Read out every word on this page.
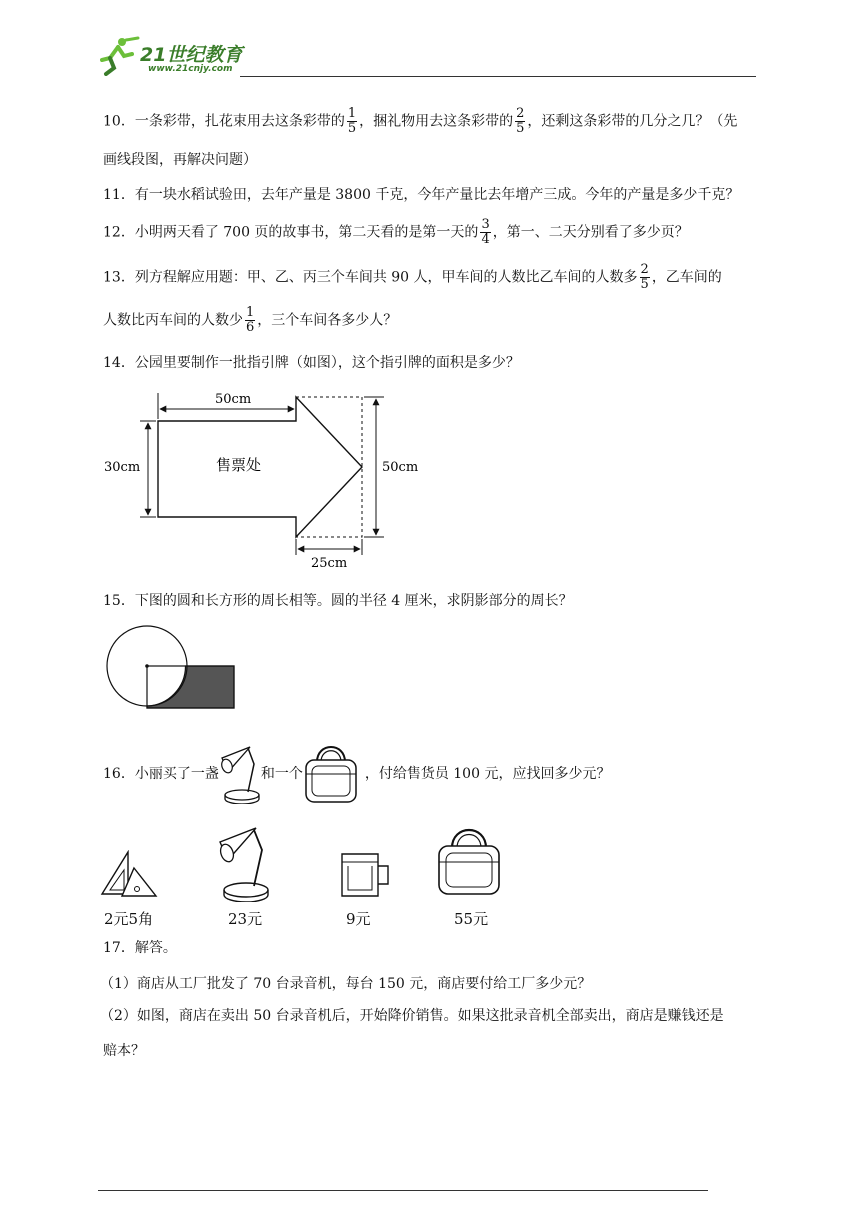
21世纪教育
www.21cnjy.com
10．一条彩带，扎花束用去这条彩带的 $\frac{1}{5}$ ，捆礼物用去这条彩带的 $\frac{2}{5}$ ，还剩这条彩带的几分之几？（先
画线段图，再解决问题）
11．有一块水稻试验田，去年产量是 3800 千克，今年产量比去年增产三成。今年的产量是多少千克？
12．小明两天看了 700 页的故事书，第二天看的是第一天的 $\frac{3}{4}$ ，第一、二天分别看了多少页？
13．列方程解应用题：甲、乙、丙三个车间共 90 人，甲车间的人数比乙车间的人数多 $\frac{2}{5}$ ，乙车间的
人数比丙车间的人数少 $\frac{1}{6}$ ，三个车间各多少人？
14．公园里要制作一批指引牌（如图），这个指引牌的面积是多少？
50cm
30cm	50cm
25cm
售票处
15．下图的圆和长方形的周长相等。圆的半径 4 厘米，求阴影部分的周长？
16．小丽买了一盏	和一个	，付给售货员 100 元，应找回多少元？
2元5角	23元	9元	55元
17．解答。
（1）商店从工厂批发了 70 台录音机，每台 150 元，商店要付给工厂多少元？
（2）如图，商店在卖出 50 台录音机后，开始降价销售。如果这批录音机全部卖出，商店是赚钱还是
赔本？
